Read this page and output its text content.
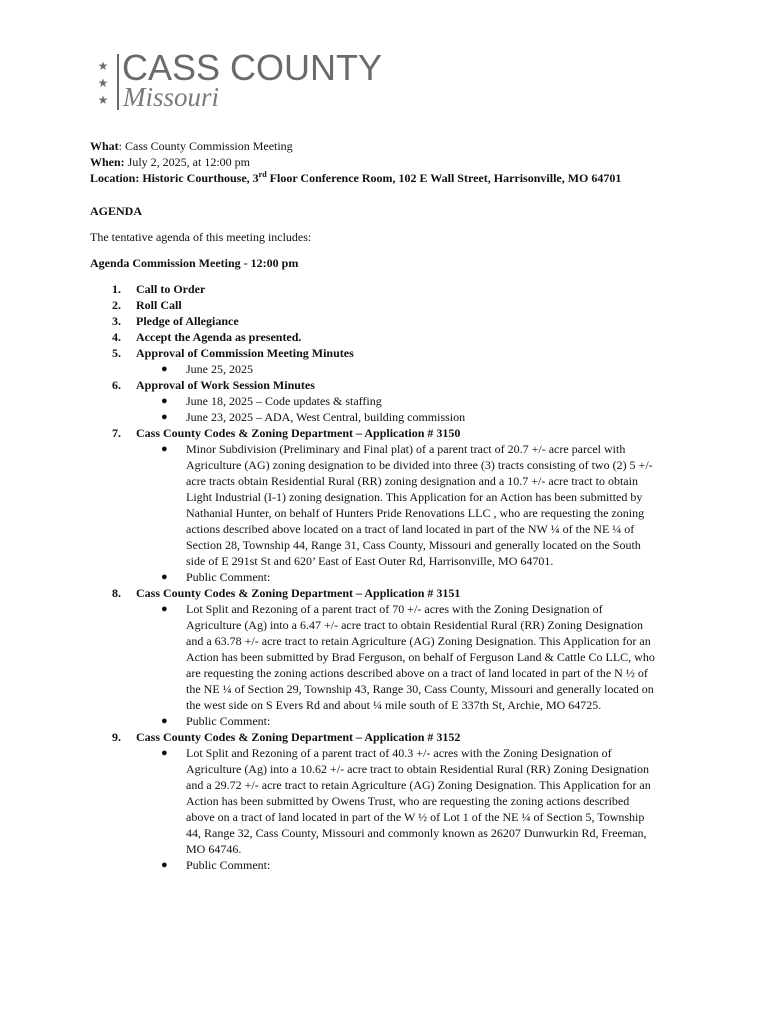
★
★
★
CASS COUNTY
Missouri

What: Cass County Commission Meeting

When: July 2, 2025, at 12:00 pm

Location: Historic Courthouse, 3rd Floor Conference Room, 102 E Wall Street, Harrisonville, MO 64701

AGENDA
The tentative agenda of this meeting includes:
Agenda Commission Meeting - 12:00 pm
1. Call to Order
2. Roll Call
3. Pledge of Allegiance
4. Accept the Agenda as presented.
5. Approval of Commission Meeting Minutes
● June 25, 2025
6. Approval of Work Session Minutes
● June 18, 2025 – Code updates & staffing
● June 23, 2025 – ADA, West Central, building commission
7. Cass County Codes & Zoning Department – Application # 3150
● Minor Subdivision (Preliminary and Final plat) of a parent tract of 20.7 +/- acre parcel with
Agriculture (AG) zoning designation to be divided into three (3) tracts consisting of two (2) 5 +/-
acre tracts obtain Residential Rural (RR) zoning designation and a 10.7 +/- acre tract to obtain
Light Industrial (I-1) zoning designation. This Application for an Action has been submitted by
Nathanial Hunter, on behalf of Hunters Pride Renovations LLC , who are requesting the zoning
actions described above located on a tract of land located in part of the NW ¼ of the NE ¼ of
Section 28, Township 44, Range 31, Cass County, Missouri and generally located on the South
side of E 291st St and 620’ East of East Outer Rd, Harrisonville, MO 64701.
● Public Comment:
8. Cass County Codes & Zoning Department – Application # 3151
● Lot Split and Rezoning of a parent tract of 70 +/- acres with the Zoning Designation of
Agriculture (Ag) into a 6.47 +/- acre tract to obtain Residential Rural (RR) Zoning Designation
and a 63.78 +/- acre tract to retain Agriculture (AG) Zoning Designation. This Application for an
Action has been submitted by Brad Ferguson, on behalf of Ferguson Land & Cattle Co LLC, who
are requesting the zoning actions described above on a tract of land located in part of the N ½ of
the NE ¼ of Section 29, Township 43, Range 30, Cass County, Missouri and generally located on
the west side on S Evers Rd and about ¼ mile south of E 337th St, Archie, MO 64725.
● Public Comment:
9. Cass County Codes & Zoning Department – Application # 3152
● Lot Split and Rezoning of a parent tract of 40.3 +/- acres with the Zoning Designation of
Agriculture (Ag) into a 10.62 +/- acre tract to obtain Residential Rural (RR) Zoning Designation
and a 29.72 +/- acre tract to retain Agriculture (AG) Zoning Designation. This Application for an
Action has been submitted by Owens Trust, who are requesting the zoning actions described
above on a tract of land located in part of the W ½ of Lot 1 of the NE ¼ of Section 5, Township
44, Range 32, Cass County, Missouri and commonly known as 26207 Dunwurkin Rd, Freeman,
MO 64746.
● Public Comment:
